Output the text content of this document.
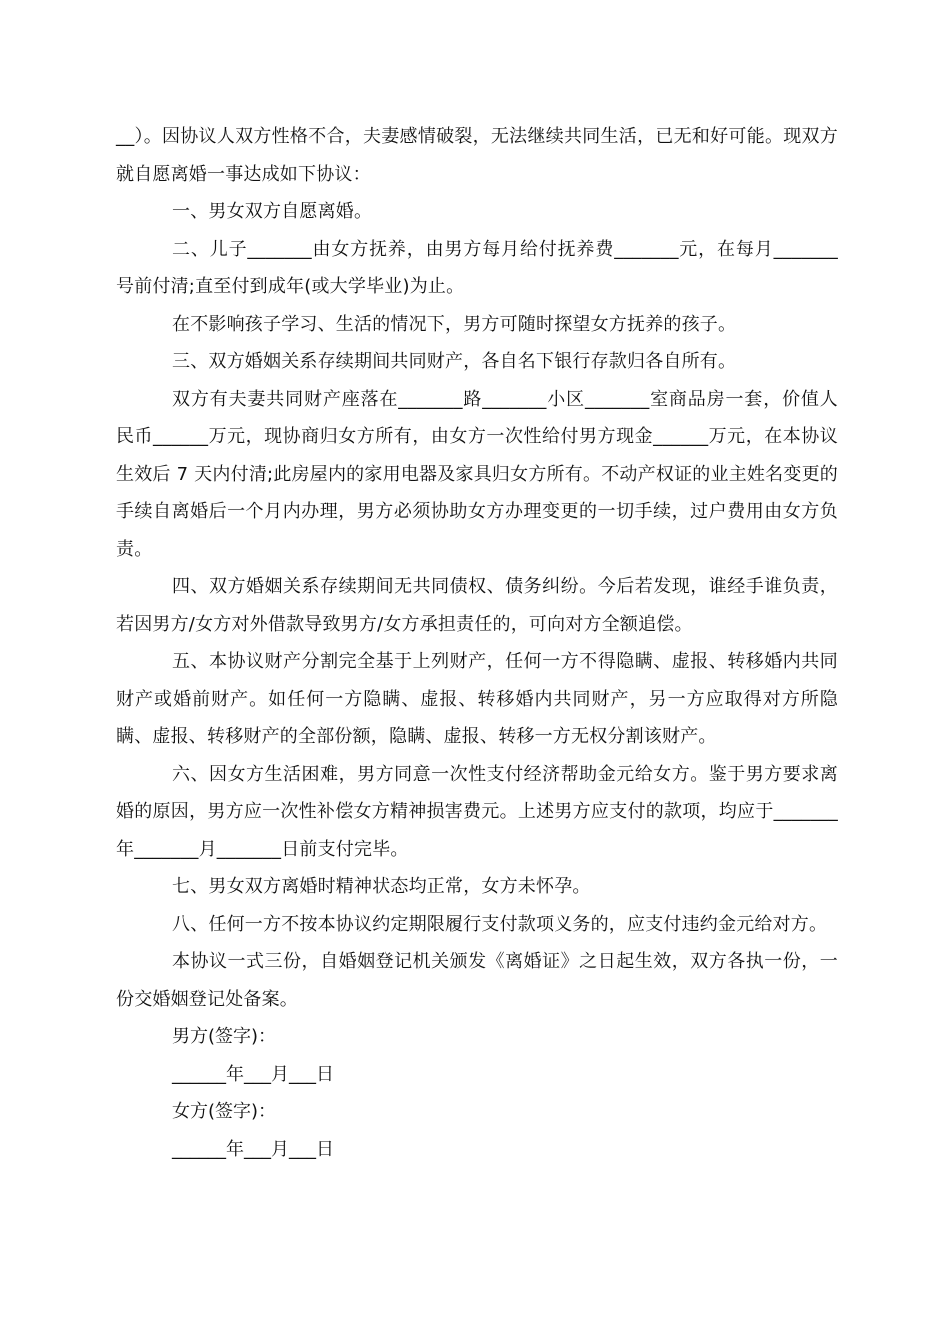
__）。因协议人双方性格不合，夫妻感情破裂，无法继续共同生活，已无和好可能。现双方就自愿离婚一事达成如下协议：

一、男女双方自愿离婚。

二、儿子_______由女方抚养，由男方每月给付抚养费_______元，在每月_______号前付清;直至付到成年(或大学毕业)为止。

在不影响孩子学习、生活的情况下，男方可随时探望女方抚养的孩子。

三、双方婚姻关系存续期间共同财产，各自名下银行存款归各自所有。

双方有夫妻共同财产座落在_______路_______小区_______室商品房一套，价值人民币______万元，现协商归女方所有，由女方一次性给付男方现金______万元，在本协议生效后 7 天内付清;此房屋内的家用电器及家具归女方所有。不动产权证的业主姓名变更的手续自离婚后一个月内办理，男方必须协助女方办理变更的一切手续，过户费用由女方负责。

四、双方婚姻关系存续期间无共同债权、债务纠纷。今后若发现，谁经手谁负责，若因男方/女方对外借款导致男方/女方承担责任的，可向对方全额追偿。

五、本协议财产分割完全基于上列财产，任何一方不得隐瞒、虚报、转移婚内共同财产或婚前财产。如任何一方隐瞒、虚报、转移婚内共同财产，另一方应取得对方所隐瞒、虚报、转移财产的全部份额，隐瞒、虚报、转移一方无权分割该财产。

六、因女方生活困难，男方同意一次性支付经济帮助金元给女方。鉴于男方要求离婚的原因，男方应一次性补偿女方精神损害费元。上述男方应支付的款项，均应于_______年_______月_______日前支付完毕。

七、男女双方离婚时精神状态均正常，女方未怀孕。

八、任何一方不按本协议约定期限履行支付款项义务的，应支付违约金元给对方。

本协议一式三份，自婚姻登记机关颁发《离婚证》之日起生效，双方各执一份，一份交婚姻登记处备案。

男方(签字)：

______年___月___日

女方(签字)：

______年___月___日
